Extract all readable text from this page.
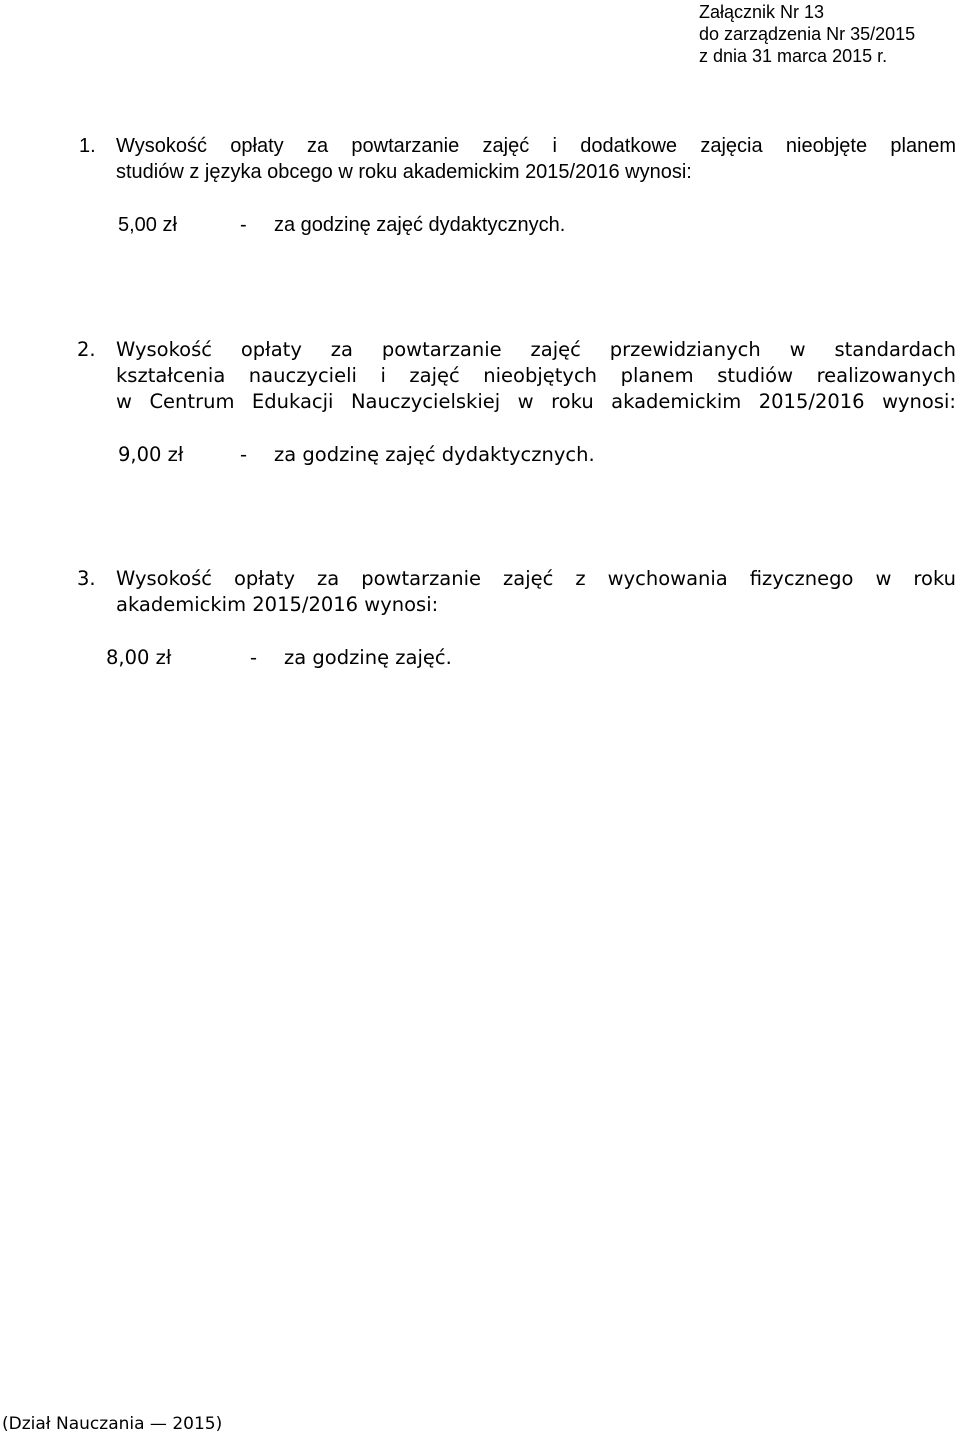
Załącznik Nr 13
do zarządzenia Nr 35/2015
z dnia 31 marca 2015 r.
1. Wysokość opłaty za powtarzanie zajęć i dodatkowe zajęcia nieobjęte planem
studiów z języka obcego w roku akademickim 2015/2016 wynosi:
5,00 zł	- za godzinę zajęć dydaktycznych.
2. Wysokość opłaty za powtarzanie zajęć przewidzianych w standardach
kształcenia nauczycieli i zajęć nieobjętych planem studiów realizowanych
w Centrum Edukacji Nauczycielskiej w roku akademickim 2015/2016 wynosi:
9,00 zł	- za godzinę zajęć dydaktycznych.
3. Wysokość opłaty za powtarzanie zajęć z wychowania fizycznego w roku
akademickim 2015/2016 wynosi:
8,00 zł	- za godzinę zajęć.
(Dział Nauczania — 2015)
